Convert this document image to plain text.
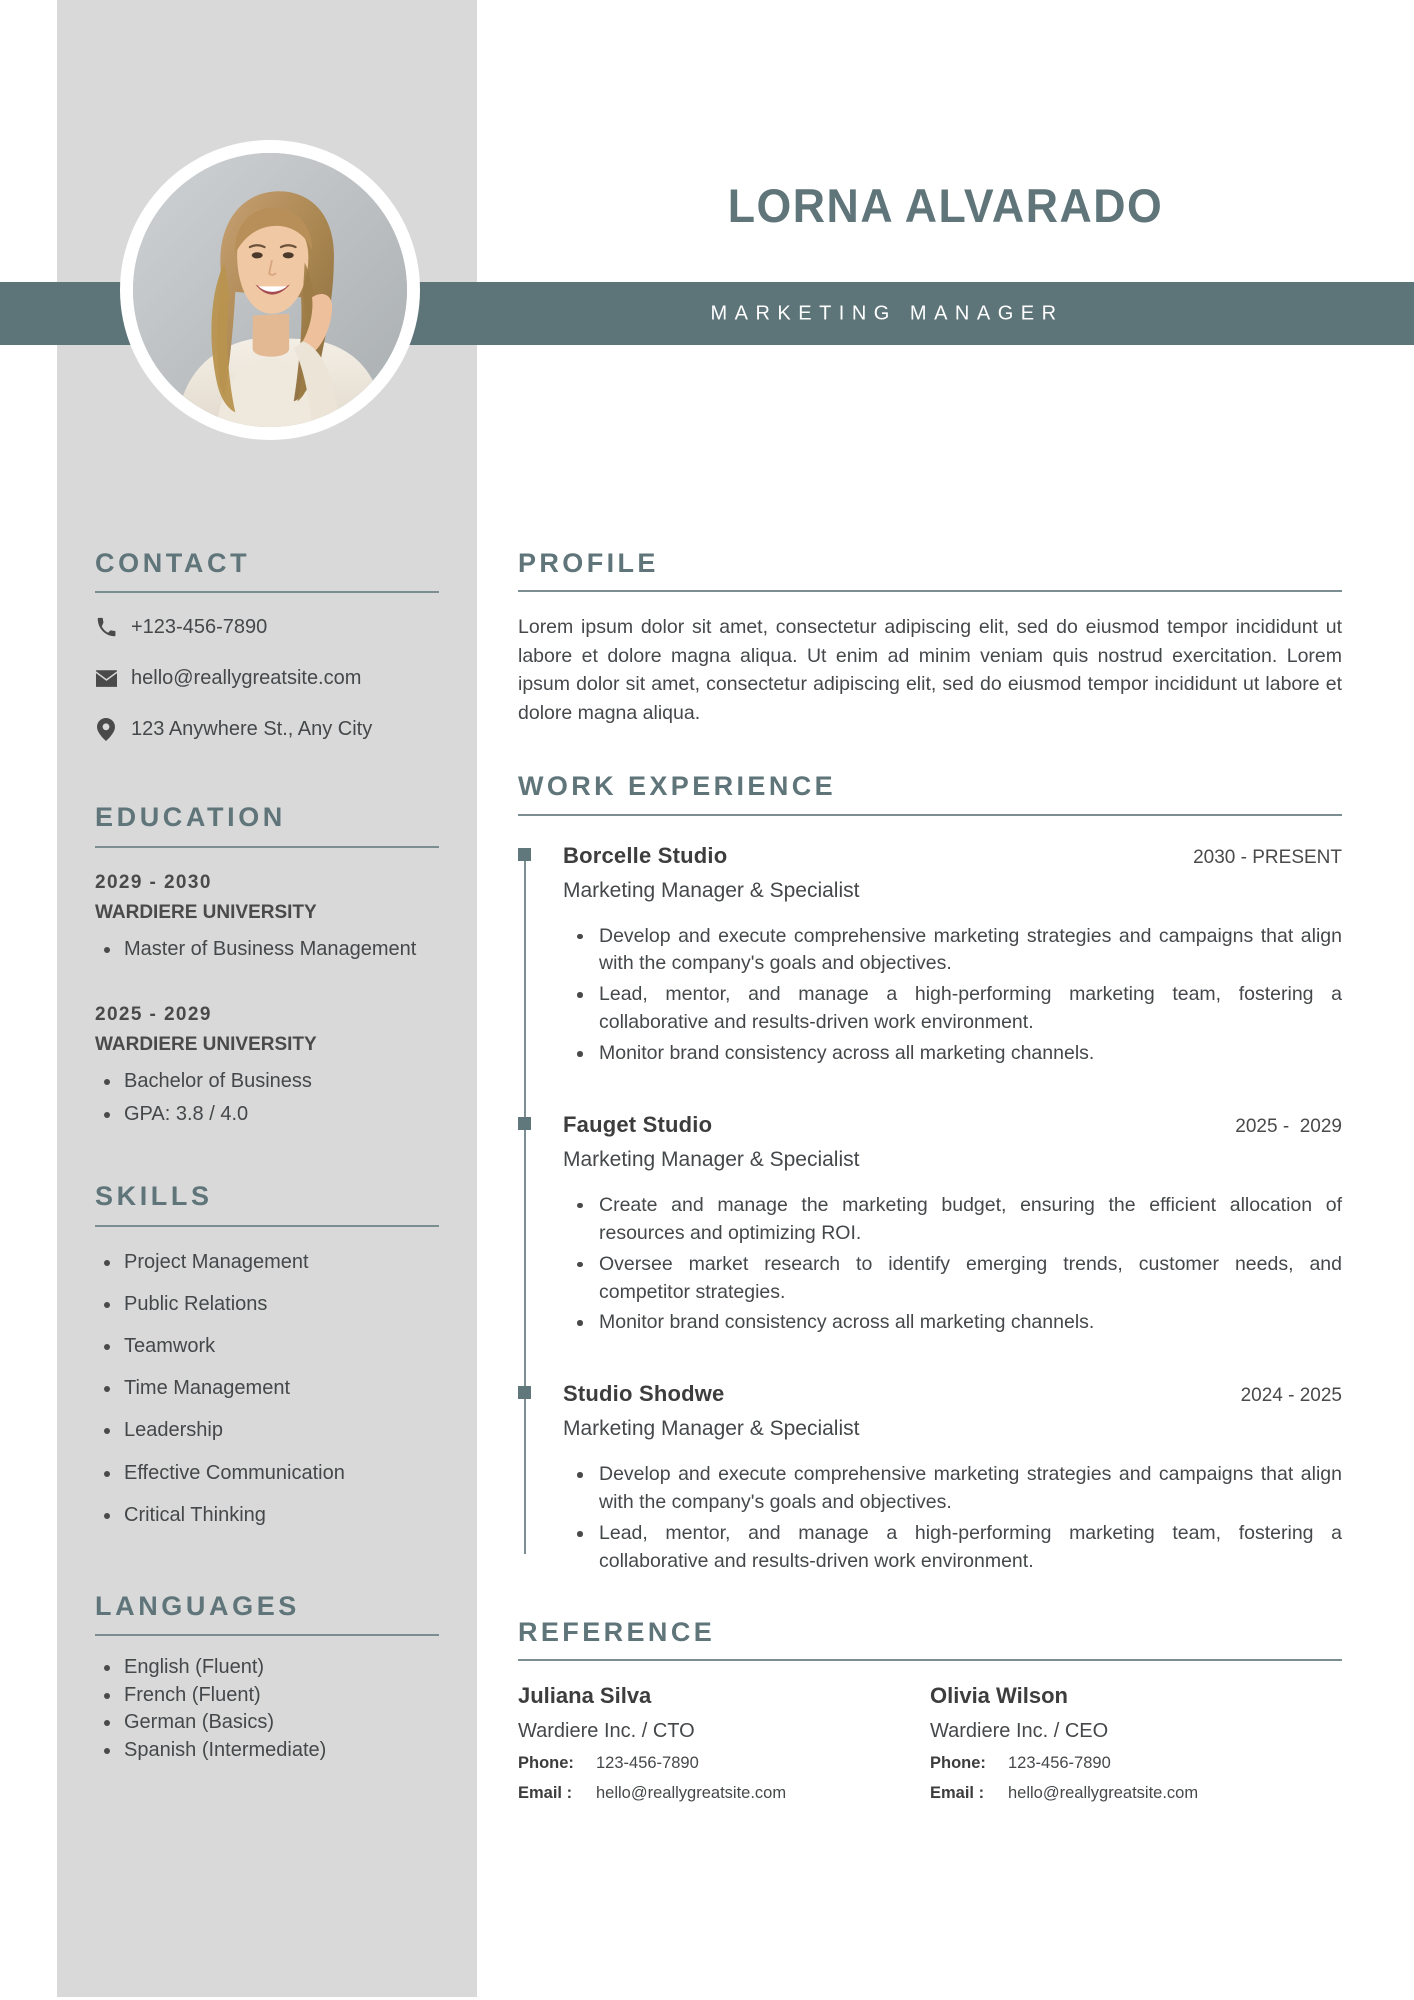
MARKETING MANAGER
LORNA ALVARADO
CONTACT
+123-456-7890
hello@reallygreatsite.com
123 Anywhere St., Any City
EDUCATION
2029 - 2030
WARDIERE UNIVERSITY
Master of Business Management
2025 - 2029
WARDIERE UNIVERSITY
Bachelor of Business
GPA: 3.8 / 4.0
SKILLS
Project Management
Public Relations
Teamwork
Time Management
Leadership
Effective Communication
Critical Thinking
LANGUAGES
English (Fluent)
French (Fluent)
German (Basics)
Spanish (Intermediate)
PROFILE

Lorem ipsum dolor sit amet, consectetur adipiscing elit, sed do eiusmod tempor incididunt ut labore et dolore magna aliqua. Ut enim ad minim veniam quis nostrud exercitation. Lorem ipsum dolor sit amet, consectetur adipiscing elit, sed do eiusmod tempor incididunt ut labore et dolore magna aliqua.

WORK EXPERIENCE
Borcelle Studio	2030 - PRESENT
Marketing Manager & Specialist
Develop and execute comprehensive marketing strategies and campaigns that align with the company's goals and objectives.
Lead, mentor, and manage a high-performing marketing team, fostering a collaborative and results-driven work environment.
Monitor brand consistency across all marketing channels.
Fauget Studio	2025 -  2029
Marketing Manager & Specialist
Create and manage the marketing budget, ensuring the efficient allocation of resources and optimizing ROI.
Oversee market research to identify emerging trends, customer needs, and competitor strategies.
Monitor brand consistency across all marketing channels.
Studio Shodwe	2024 - 2025
Marketing Manager & Specialist
Develop and execute comprehensive marketing strategies and campaigns that align with the company's goals and objectives.
Lead, mentor, and manage a high-performing marketing team, fostering a collaborative and results-driven work environment.
REFERENCE
Juliana Silva
Wardiere Inc. / CTO
Phone:	123-456-7890
Email :	hello@reallygreatsite.com
Olivia Wilson
Wardiere Inc. / CEO
Phone:	123-456-7890
Email :	hello@reallygreatsite.com
